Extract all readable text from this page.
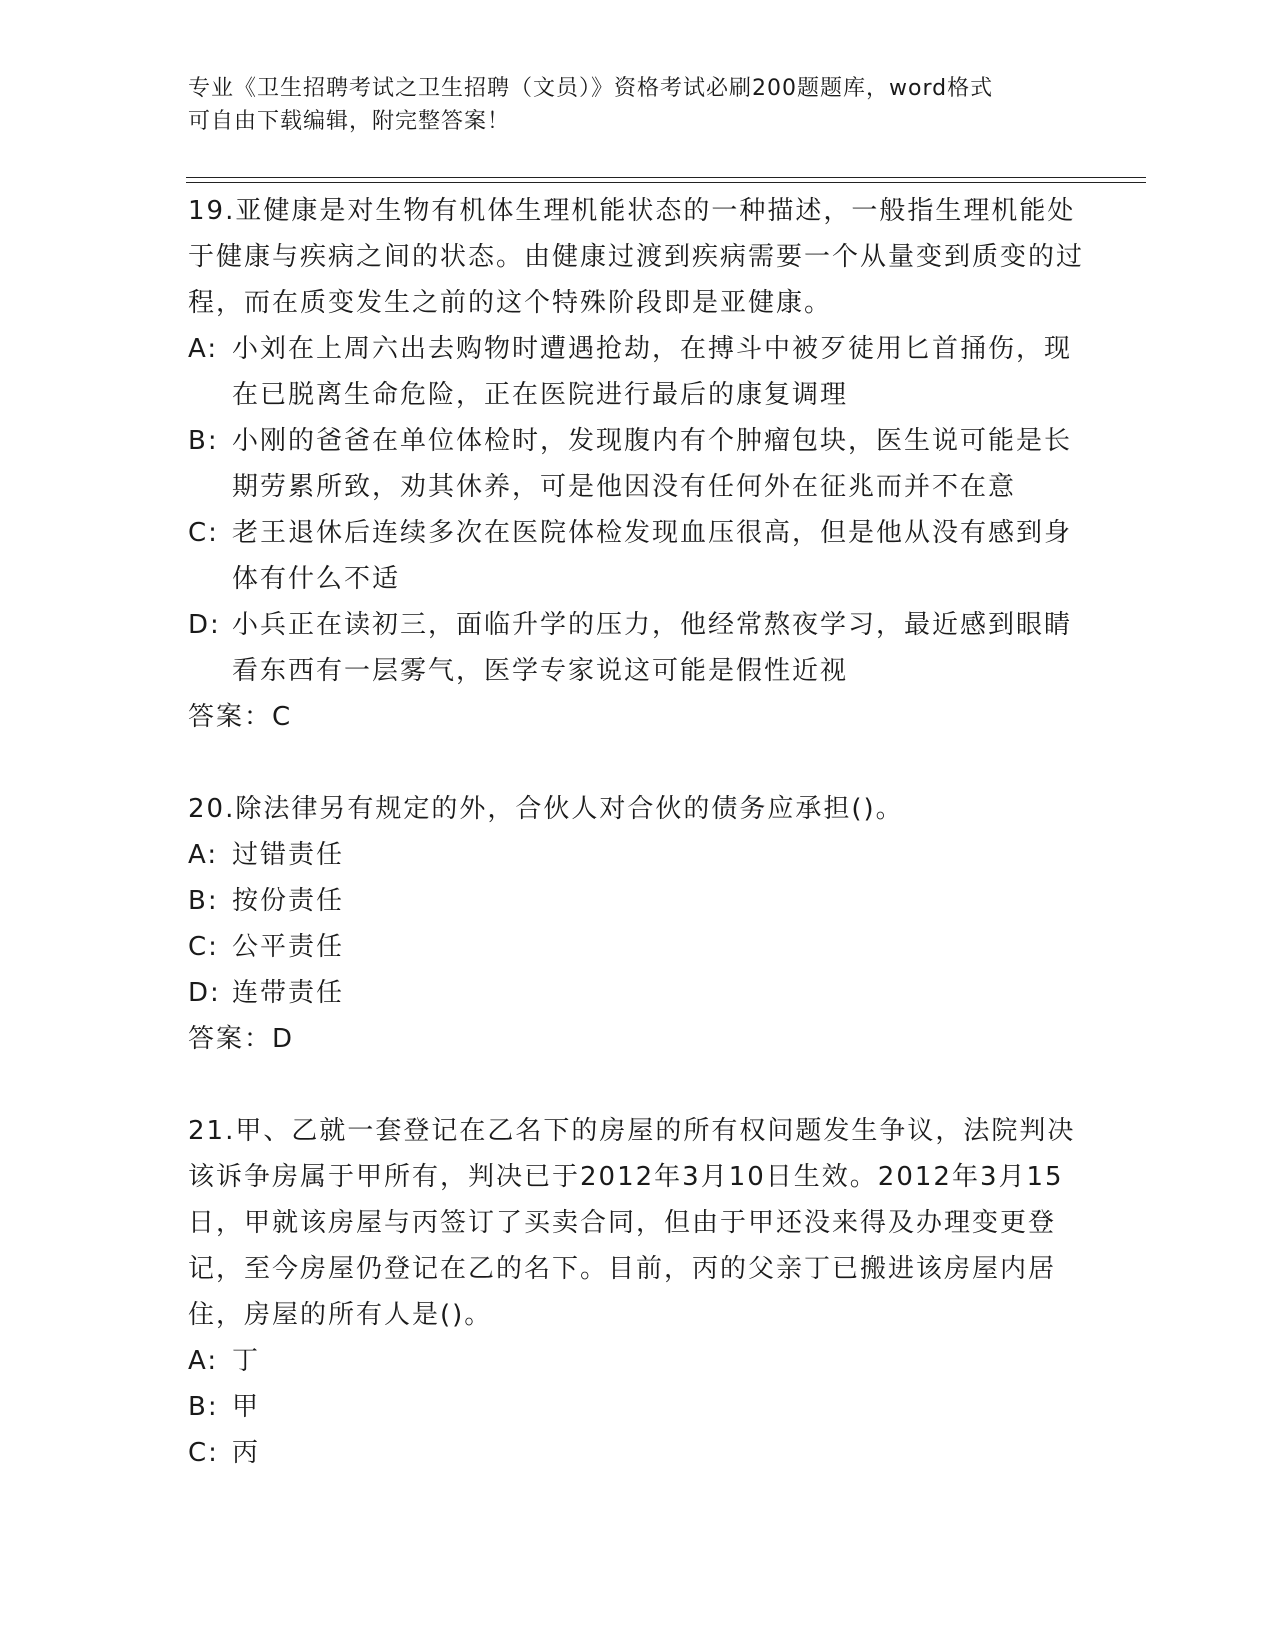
专业《卫生招聘考试之卫生招聘（文员）》资格考试必刷200题题库，word格式
可自由下载编辑，附完整答案！

19.亚健康是对生物有机体生理机能状态的一种描述，一般指生理机能处于健康与疾病之间的状态。由健康过渡到疾病需要一个从量变到质变的过程，而在质变发生之前的这个特殊阶段即是亚健康。

A: 小刘在上周六出去购物时遭遇抢劫，在搏斗中被歹徒用匕首捅伤，现在已脱离生命危险，正在医院进行最后的康复调理
B: 小刚的爸爸在单位体检时，发现腹内有个肿瘤包块，医生说可能是长期劳累所致，劝其休养，可是他因没有任何外在征兆而并不在意
C: 老王退休后连续多次在医院体检发现血压很高，但是他从没有感到身体有什么不适
D: 小兵正在读初三，面临升学的压力，他经常熬夜学习，最近感到眼睛看东西有一层雾气，医学专家说这可能是假性近视

答案：C

20.除法律另有规定的外，合伙人对合伙的债务应承担()。

A: 过错责任
B: 按份责任
C: 公平责任
D: 连带责任

答案：D

21.甲、乙就一套登记在乙名下的房屋的所有权问题发生争议，法院判决该诉争房属于甲所有，判决已于2012年3月10日生效。2012年3月15日，甲就该房屋与丙签订了买卖合同，但由于甲还没来得及办理变更登记，至今房屋仍登记在乙的名下。目前，丙的父亲丁已搬进该房屋内居住，房屋的所有人是()。

A: 丁
B: 甲
C: 丙
